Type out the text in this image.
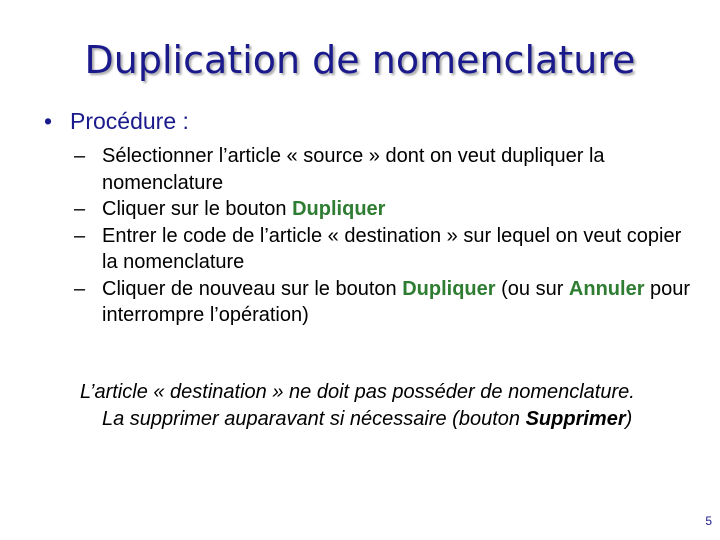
Duplication de nomenclature
• Procédure :
– Sélectionner l’article « source » dont on veut dupliquer la nomenclature
– Cliquer sur le bouton Dupliquer
– Entrer le code de l’article « destination » sur lequel on veut copier la nomenclature
– Cliquer de nouveau sur le bouton Dupliquer (ou sur Annuler pour interrompre l’opération)
L’article « destination » ne doit pas posséder de nomenclature. La supprimer auparavant si nécessaire (bouton Supprimer)
5
